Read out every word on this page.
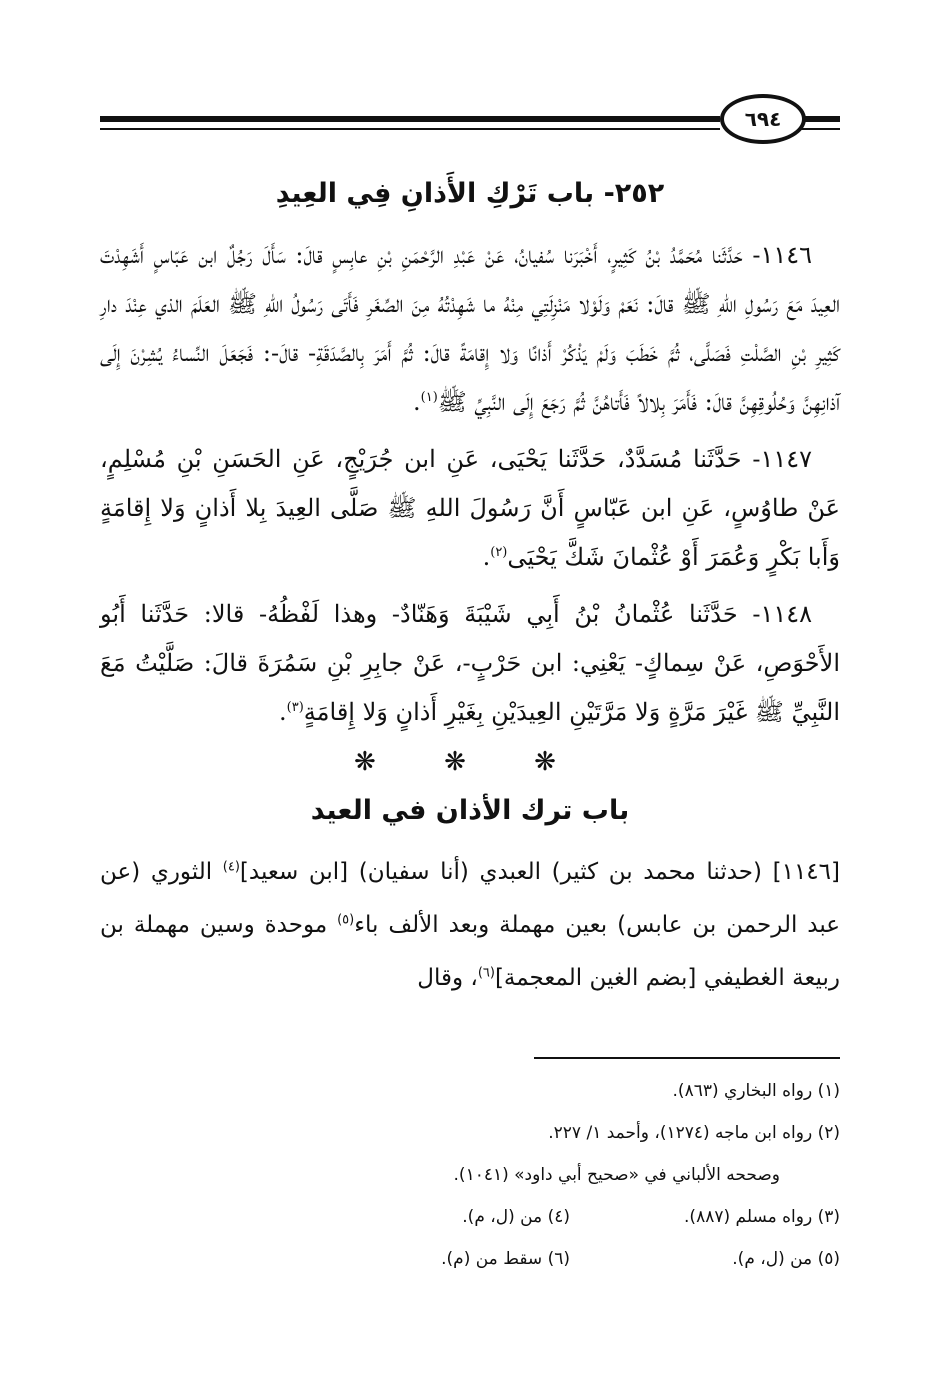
٦٩٤
٢٥٢- باب تَرْكِ الأَذانِ فِي العِيدِ

١١٤٦- حَدَّثَنا مُحَمَّدُ بْنُ كَثِيرٍ، أَخْبَرَنا سُفيانُ، عَنْ عَبْدِ الرَّحْمَنِ بْنِ عابِسٍ قالَ: سَأَلَ رَجُلٌ ابن عَبّاسٍ أَشَهِدْتَ العِيدَ مَعَ رَسُولِ اللهِ ﷺ قالَ: نَعَمْ وَلَوْلا مَنْزِلَتِي مِنْهُ ما شَهِدْتُهُ مِنَ الصِّغَرِ فَأَتَى رَسُولُ اللهِ ﷺ العَلَمَ الذي عِنْدَ دارِ كَثِيرِ بْنِ الصَّلْتِ فَصَلَّى، ثُمَّ خَطَبَ وَلَمْ يَذْكُرْ أَذانًا وَلا إِقامَةً قالَ: ثُمَّ أَمَرَ بِالصَّدَقَةِ- قالَ-: فَجَعَلَ النِّساءُ يُشِرْنَ إِلَى آذانِهِنَّ وَحُلُوقِهِنَّ قالَ: فَأَمَرَ بِلالاً فَأَتاهُنَّ ثُمَّ رَجَعَ إِلَى النَّبِيِّ ﷺ$^{(١)}$.

١١٤٧- حَدَّثَنا مُسَدَّدٌ، حَدَّثَنا يَحْيَى، عَنِ ابن جُرَيْجٍ، عَنِ الحَسَنِ بْنِ مُسْلِمٍ، عَنْ طاوُسٍ، عَنِ ابن عَبّاسٍ أَنَّ رَسُولَ اللهِ ﷺ صَلَّى العِيدَ بِلا أَذانٍ وَلا إِقامَةٍ وَأَبا بَكْرٍ وَعُمَرَ أَوْ عُثْمانَ شَكَّ يَحْيَى$^{(٢)}$.

١١٤٨- حَدَّثَنا عُثْمانُ بْنُ أَبِي شَيْبَةَ وَهَنّادٌ- وهذا لَفْظُهُ- قالا: حَدَّثَنا أَبُو الأَحْوَصِ، عَنْ سِماكٍ- يَعْنِي: ابن حَرْبٍ-، عَنْ جابِرِ بْنِ سَمُرَةَ قالَ: صَلَّيْتُ مَعَ النَّبِيِّ ﷺ غَيْرَ مَرَّةٍ وَلا مَرَّتَيْنِ العِيدَيْنِ بِغَيْرِ أَذانٍ وَلا إِقامَةٍ$^{(٣)}$.

❋ ❋ ❋
باب ترك الأذان في العيد

[١١٤٦] (حدثنا محمد بن كثير) العبدي (أنا سفيان) [ابن سعيد]$^{(٤)}$ الثوري (عن عبد الرحمن بن عابس) بعين مهملة وبعد الألف باء$^{(٥)}$ موحدة وسين مهملة بن ربيعة الغطيفي [بضم الغين المعجمة]$^{(٦)}$، وقال

(١) رواه البخاري (٨٦٣).
(٢) رواه ابن ماجه (١٢٧٤)، وأحمد ١/ ٢٢٧.
وصححه الألباني في «صحيح أبي داود» (١٠٤١).
(٣) رواه مسلم (٨٨٧).
(٤) من (ل، م).
(٥) من (ل، م).
(٦) سقط من (م).
